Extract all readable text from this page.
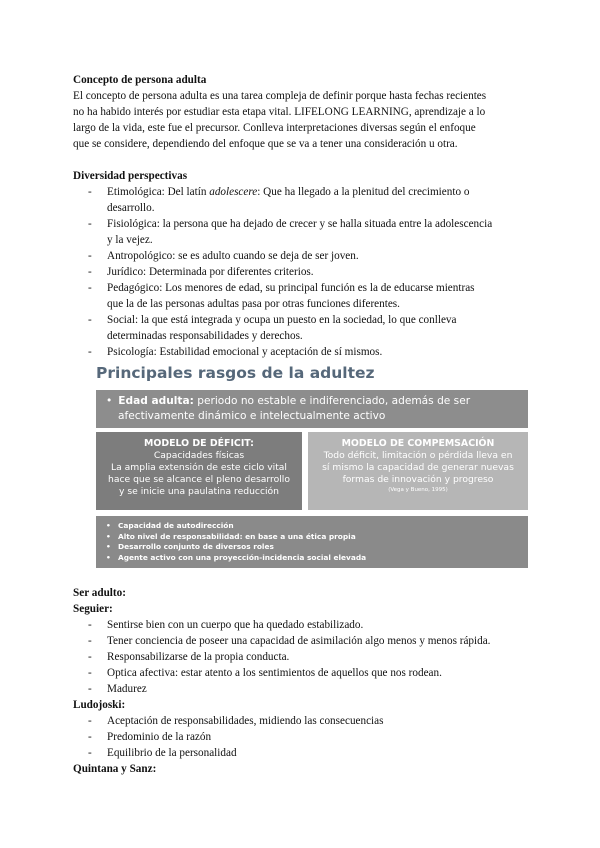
Concepto de persona adulta
El concepto de persona adulta es una tarea compleja de definir porque hasta fechas recientes
no ha habido interés por estudiar esta etapa vital. LIFELONG LEARNING, aprendizaje a lo
largo de la vida, este fue el precursor. Conlleva interpretaciones diversas según el enfoque
que se considere, dependiendo del enfoque que se va a tener una consideración u otra.
Diversidad perspectivas
- Etimológica: Del latín adolescere: Que ha llegado a la plenitud del crecimiento o
desarrollo.
- Fisiológica: la persona que ha dejado de crecer y se halla situada entre la adolescencia
y la vejez.
- Antropológico: se es adulto cuando se deja de ser joven.
- Jurídico: Determinada por diferentes criterios.
- Pedagógico: Los menores de edad, su principal función es la de educarse mientras
que la de las personas adultas pasa por otras funciones diferentes.
- Social: la que está integrada y ocupa un puesto en la sociedad, lo que conlleva
determinadas responsabilidades y derechos.
- Psicología: Estabilidad emocional y aceptación de sí mismos.
Principales rasgos de la adultez
• Edad adulta: periodo no estable e indiferenciado, además de ser
afectivamente dinámico e intelectualmente activo
MODELO DE DÉFICIT:
Capacidades físicas
La amplia extensión de este ciclo vital
hace que se alcance el pleno desarrollo
y se inicie una paulatina reducción
MODELO DE COMPEMSACIÓN
Todo déficit, limitación o pérdida lleva en
sí mismo la capacidad de generar nuevas
formas de innovación y progreso
(Vega y Bueno, 1995)
• Capacidad de autodirección
• Alto nivel de responsabilidad: en base a una ética propia
• Desarrollo conjunto de diversos roles
• Agente activo con una proyección-incidencia social elevada
Ser adulto:
Seguier:
- Sentirse bien con un cuerpo que ha quedado estabilizado.
- Tener conciencia de poseer una capacidad de asimilación algo menos y menos rápida.
- Responsabilizarse de la propia conducta.
- Optica afectiva: estar atento a los sentimientos de aquellos que nos rodean.
- Madurez
Ludojoski:
- Aceptación de responsabilidades, midiendo las consecuencias
- Predominio de la razón
- Equilibrio de la personalidad
Quintana y Sanz:
